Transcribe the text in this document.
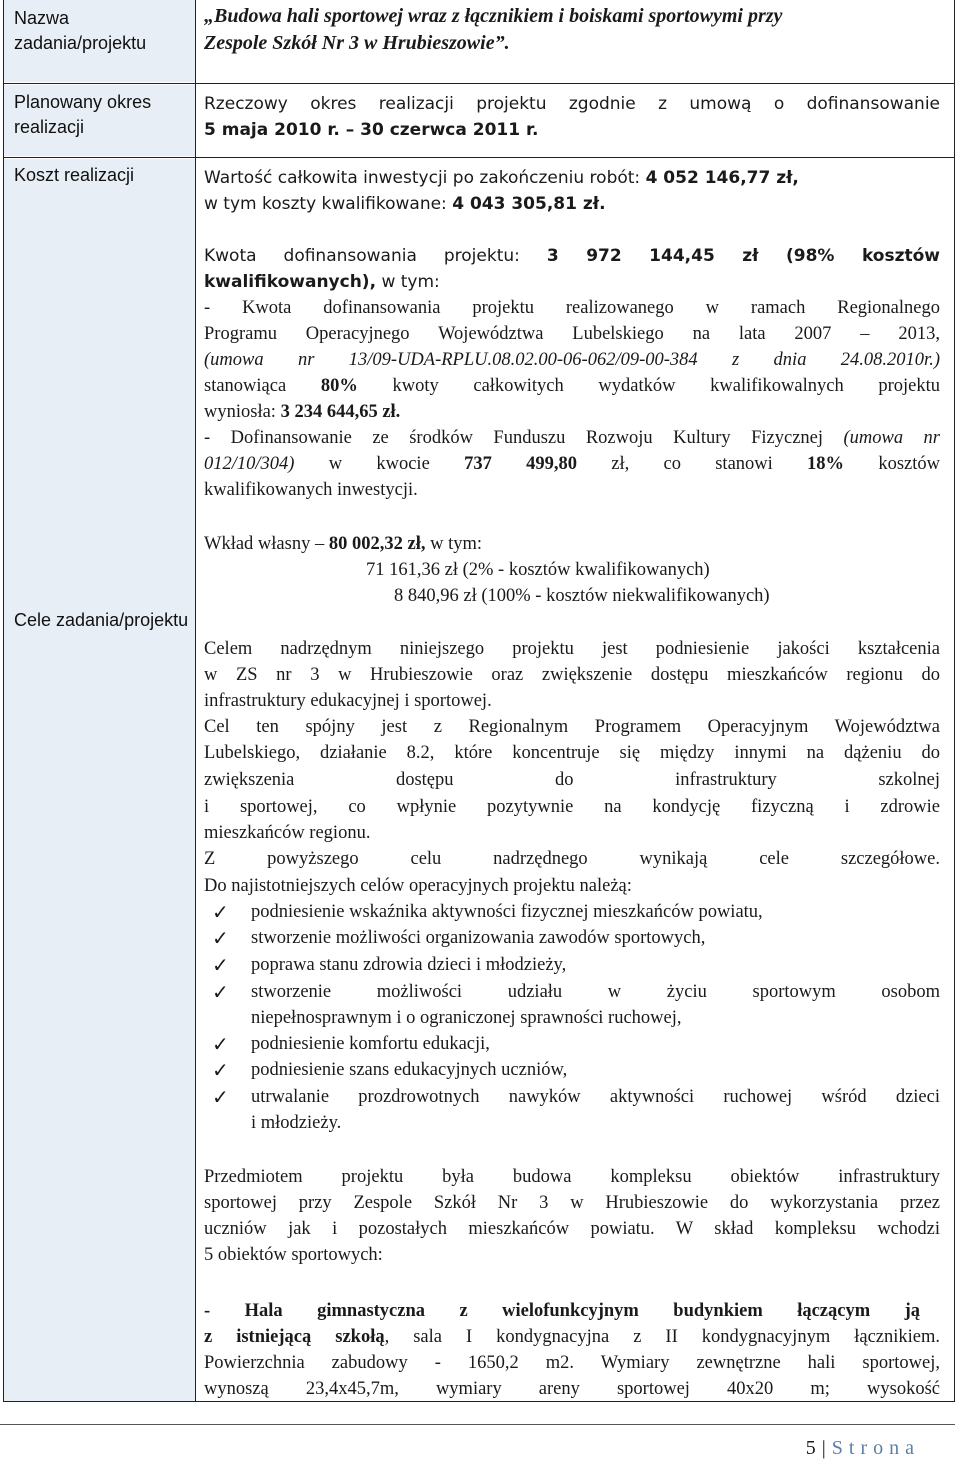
Nazwa zadania/projektu
Planowany okres realizacji
Koszt realizacji
Cele zadania/projektu
„Budowa hali sportowej wraz z łącznikiem i boiskami sportowymi przy Zespole Szkół Nr 3 w Hrubieszowie”.
Rzeczowy okres realizacji projektu zgodnie z umową o dofinansowanie
5 maja 2010 r. – 30 czerwca 2011 r.
Wartość całkowita inwestycji po zakończeniu robót: 4 052 146,77 zł,
w tym koszty kwalifikowane: 4 043 305,81 zł.
Kwota dofinansowania projektu: 3 972 144,45 zł (98% kosztów
kwalifikowanych), w tym:
- Kwota dofinansowania projektu realizowanego w ramach Regionalnego
Programu Operacyjnego Województwa Lubelskiego na lata 2007 – 2013,
(umowa nr 13/09-UDA-RPLU.08.02.00-06-062/09-00-384 z dnia 24.08.2010r.)
stanowiąca 80% kwoty całkowitych wydatków kwalifikowalnych projektu
wyniosła: 3 234 644,65 zł.
- Dofinansowanie ze środków Funduszu Rozwoju Kultury Fizycznej (umowa nr
012/10/304) w kwocie 737 499,80 zł, co stanowi 18% kosztów
kwalifikowanych inwestycji.
Wkład własny – 80 002,32 zł, w tym:
71 161,36 zł (2% - kosztów kwalifikowanych)
8 840,96 zł (100% - kosztów niekwalifikowanych)
Celem nadrzędnym niniejszego projektu jest podniesienie jakości kształcenia
w ZS nr 3 w Hrubieszowie oraz zwiększenie dostępu mieszkańców regionu do
infrastruktury edukacyjnej i sportowej.
Cel ten spójny jest z Regionalnym Programem Operacyjnym Województwa
Lubelskiego, działanie 8.2, które koncentruje się między innymi na dążeniu do
zwiększenia dostępu do infrastruktury szkolnej
i sportowej, co wpłynie pozytywnie na kondycję fizyczną i zdrowie
mieszkańców regionu.
Z powyższego celu nadrzędnego wynikają cele szczegółowe.
Do najistotniejszych celów operacyjnych projektu należą:
✓ podniesienie wskaźnika aktywności fizycznej mieszkańców powiatu,
✓ stworzenie możliwości organizowania zawodów sportowych,
✓ poprawa stanu zdrowia dzieci i młodzieży,
✓ stworzenie możliwości udziału w życiu sportowym osobom
niepełnosprawnym i o ograniczonej sprawności ruchowej,
✓ podniesienie komfortu edukacji,
✓ podniesienie szans edukacyjnych uczniów,
✓ utrwalanie prozdrowotnych nawyków aktywności ruchowej wśród dzieci
i młodzieży.
Przedmiotem projektu była budowa kompleksu obiektów infrastruktury
sportowej przy Zespole Szkół Nr 3 w Hrubieszowie do wykorzystania przez
uczniów jak i pozostałych mieszkańców powiatu. W skład kompleksu wchodzi
5 obiektów sportowych:
- Hala gimnastyczna z wielofunkcyjnym budynkiem łączącym ją
z istniejącą szkołą, sala I kondygnacyjna z II kondygnacyjnym łącznikiem.
Powierzchnia zabudowy - 1650,2 m2. Wymiary zewnętrzne hali sportowej,
wynoszą 23,4x45,7m, wymiary areny sportowej 40x20 m; wysokość
5 | Strona
